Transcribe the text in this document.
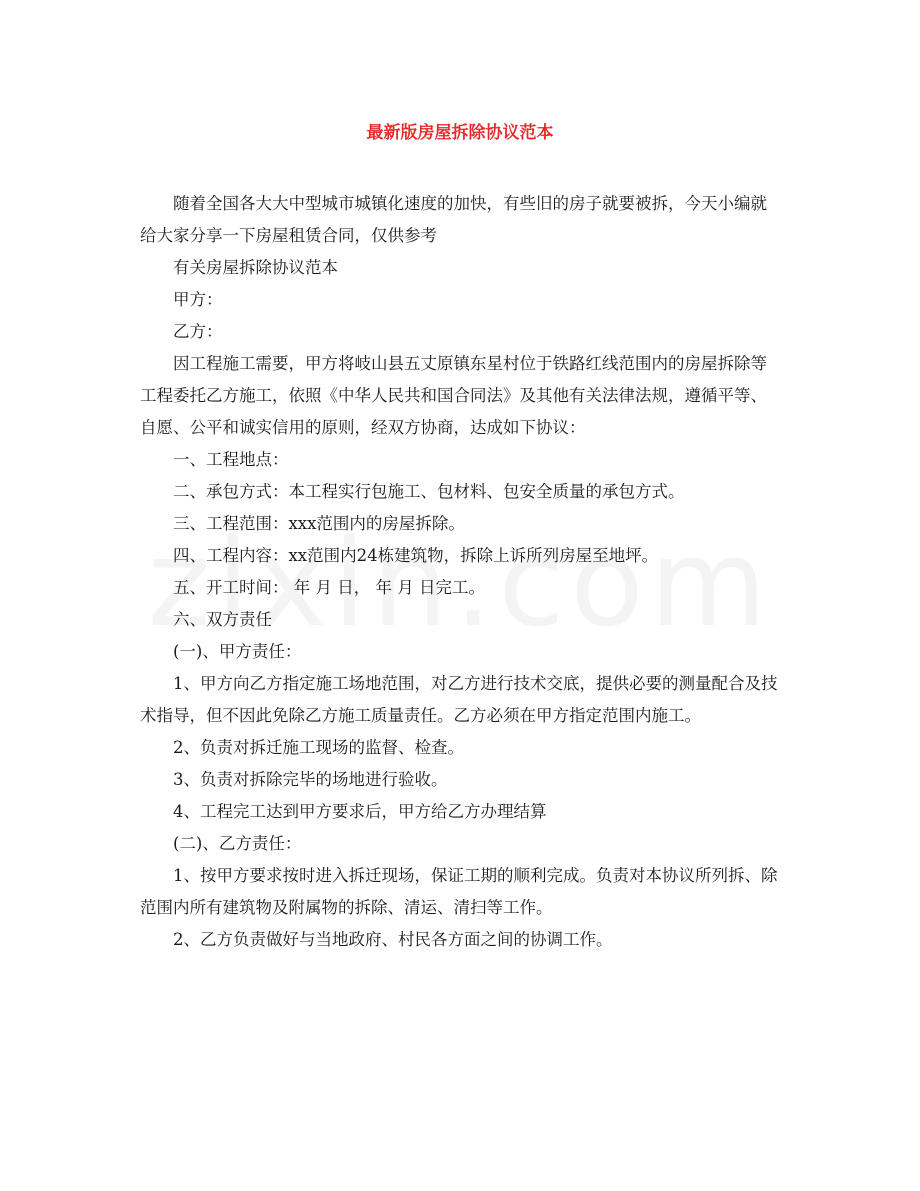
最新版房屋拆除协议范本

随着全国各大大中型城市城镇化速度的加快，有些旧的房子就要被拆，今天小编就给大家分享一下房屋租赁合同，仅供参考

有关房屋拆除协议范本

甲方：

乙方：

因工程施工需要，甲方将岐山县五丈原镇东星村位于铁路红线范围内的房屋拆除等工程委托乙方施工，依照《中华人民共和国合同法》及其他有关法律法规，遵循平等、自愿、公平和诚实信用的原则，经双方协商，达成如下协议：

一、工程地点：

二、承包方式：本工程实行包施工、包材料、包安全质量的承包方式。

三、工程范围：xxx范围内的房屋拆除。

四、工程内容：xx范围内24栋建筑物，拆除上诉所列房屋至地坪。

五、开工时间： 年 月 日， 年 月 日完工。

六、双方责任

(一)、甲方责任：

1、甲方向乙方指定施工场地范围，对乙方进行技术交底，提供必要的测量配合及技术指导，但不因此免除乙方施工质量责任。乙方必须在甲方指定范围内施工。

2、负责对拆迁施工现场的监督、检查。

3、负责对拆除完毕的场地进行验收。

4、工程完工达到甲方要求后，甲方给乙方办理结算

(二)、乙方责任：

1、按甲方要求按时进入拆迁现场，保证工期的顺利完成。负责对本协议所列拆、除范围内所有建筑物及附属物的拆除、清运、清扫等工作。

2、乙方负责做好与当地政府、村民各方面之间的协调工作。
